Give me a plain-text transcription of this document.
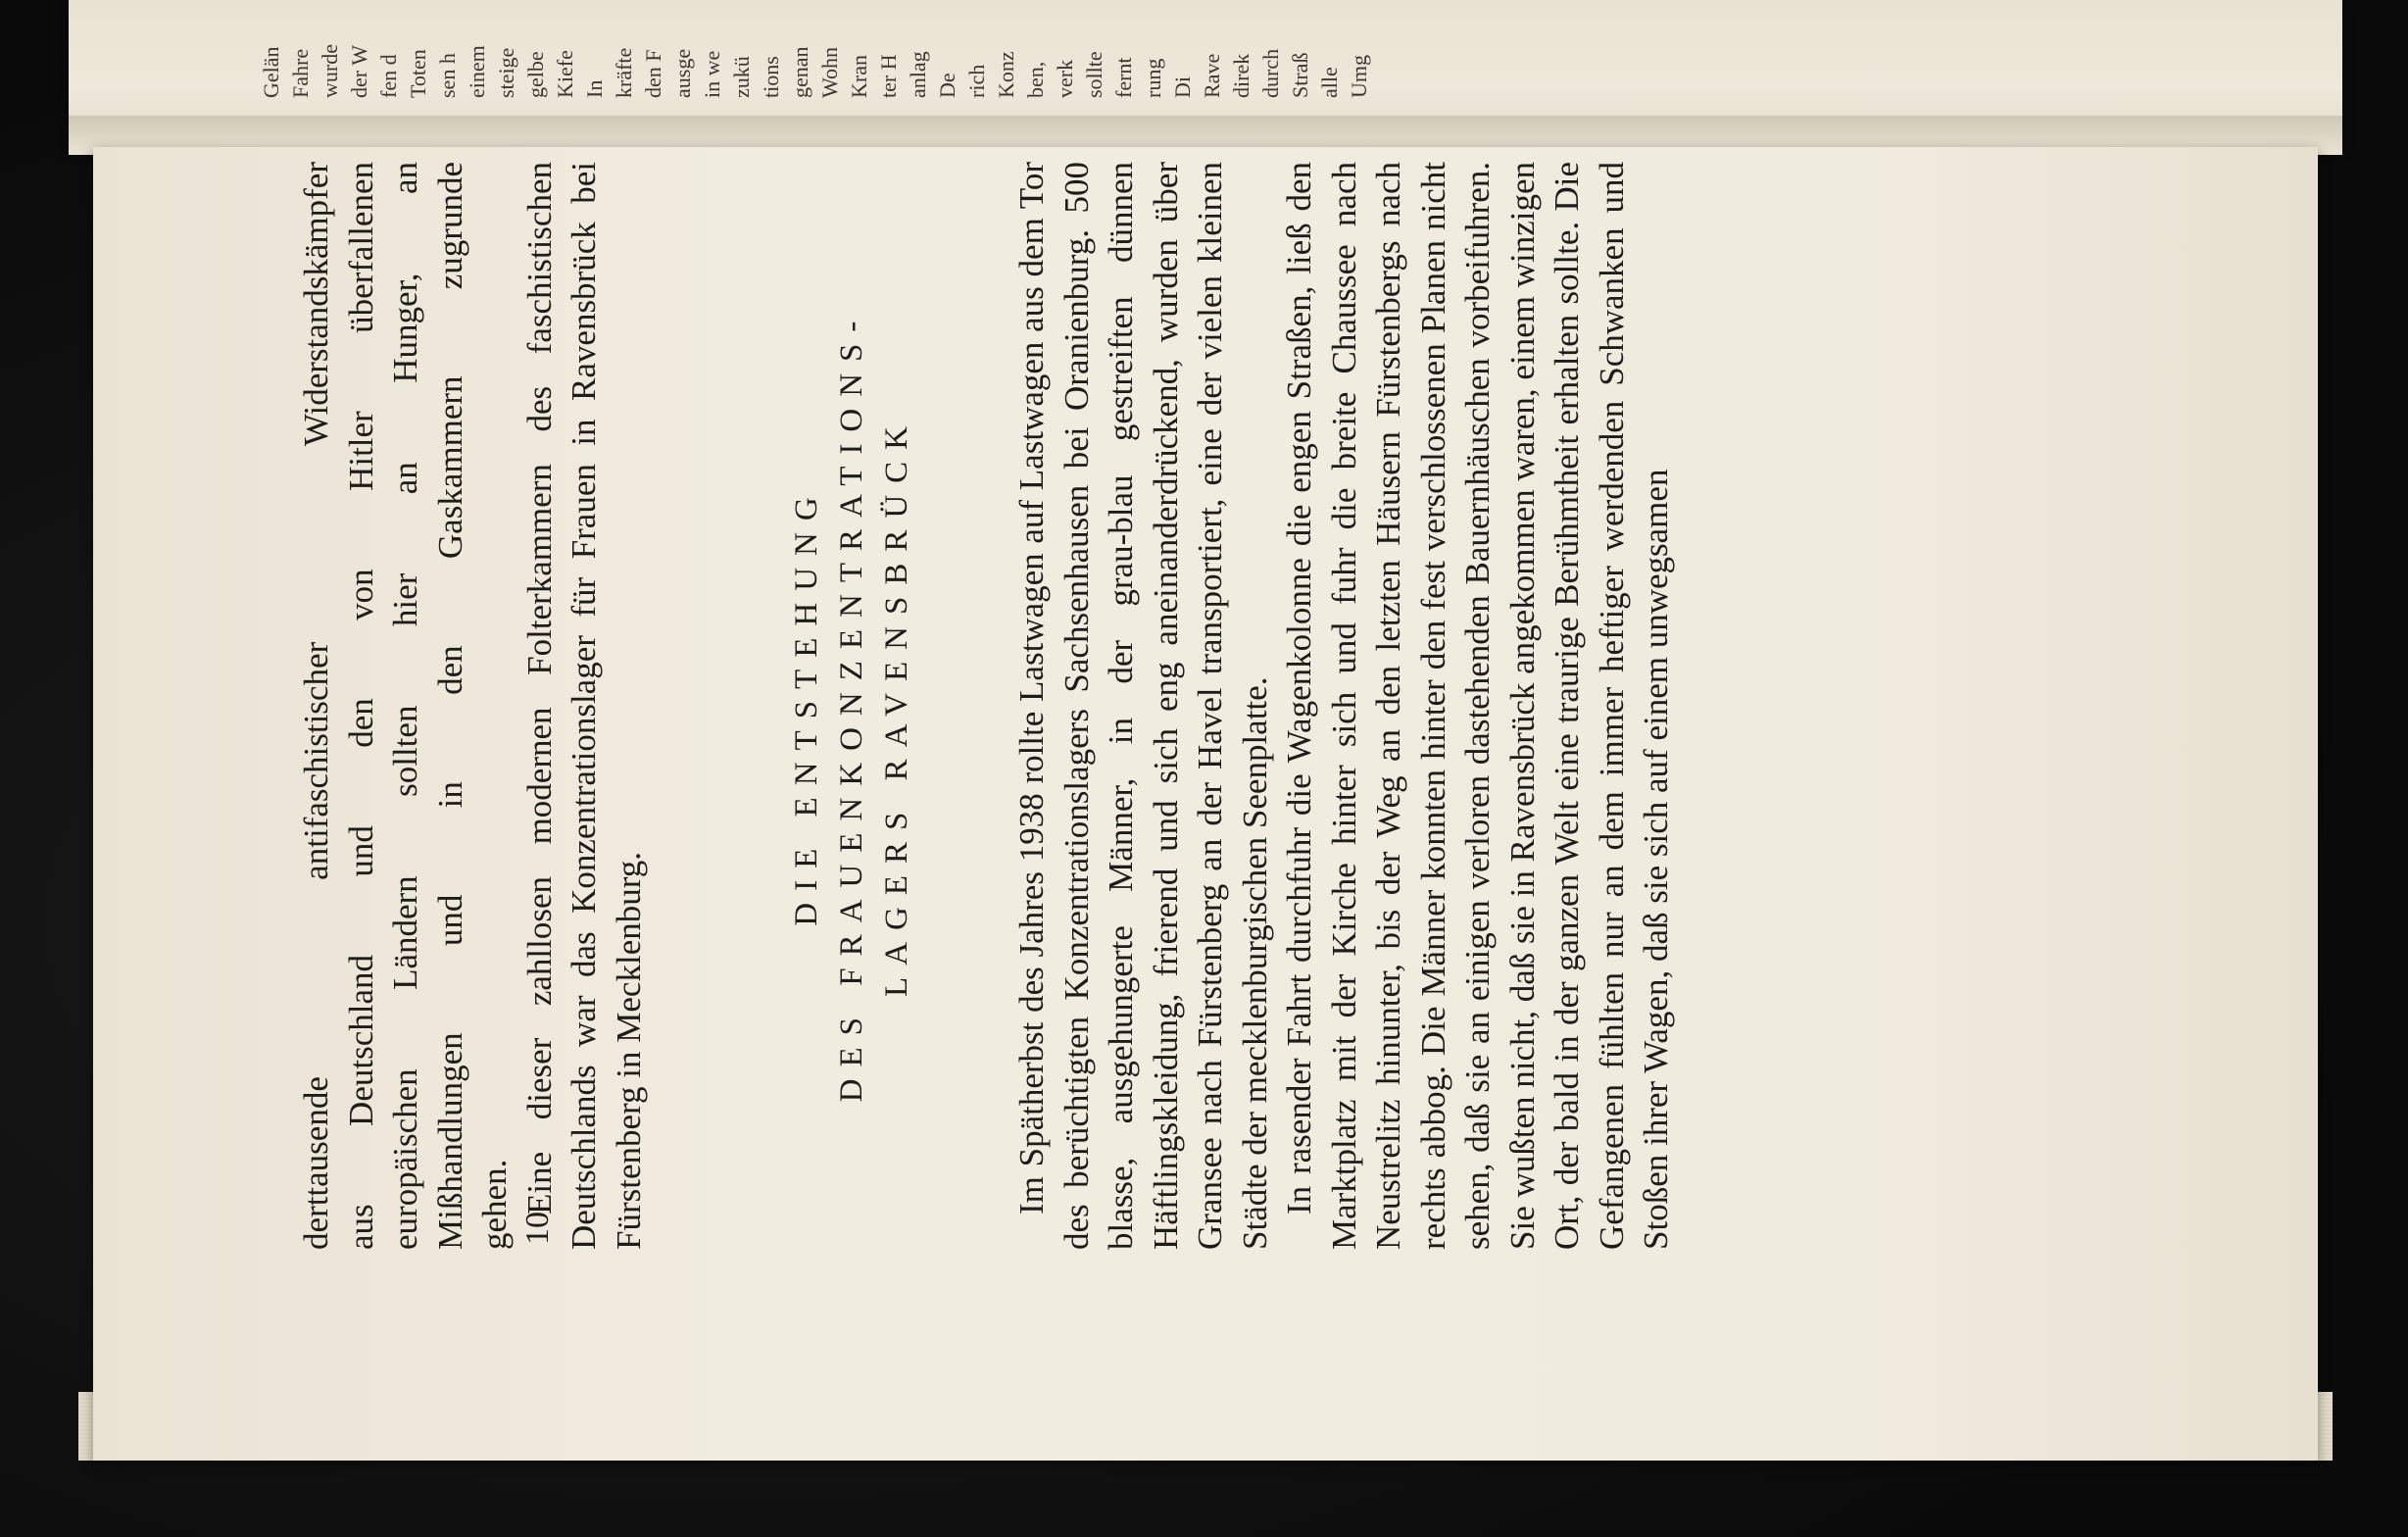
Gelän Fahre wurde der W fen d Toten sen h einem steige gelbe Kiefe In kräfte den F ausge in we zukü tions genan Wohn Kran ter H anlag De rich Konz ben, verk sollte fernt rung Di Rave direk durch Straß alle Umg

derttausende antifaschistischer Widerstandskämpfer aus Deutschland und den von Hitler überfallenen europäischen Ländern sollten hier an Hunger, an Mißhandlungen und in den Gaskammern zugrunde gehen. Eine dieser zahllosen modernen Folterkammern des faschistischen Deutschlands war das Konzentrationslager für Frauen in Ravensbrück bei Fürstenberg in Mecklenburg.

DIE ENTSTEHUNG DES FRAUENKONZENTRATIONS- LAGERS RAVENSBRÜCK	Im Spätherbst des Jahres 1938 rollte Lastwagen auf Lastwagen aus dem Tor des berüchtigten Konzentrationslagers Sachsenhausen bei Oranienburg. 500 blasse, ausgehungerte Männer, in der grau-blau gestreiften dünnen Häftlingskleidung, frierend und sich eng aneinanderdrückend, wurden über Gransee nach Fürstenberg an der Havel transportiert, eine der vielen kleinen Städte der mecklenburgischen Seenplatte. In rasender Fahrt durchfuhr die Wagenkolonne die engen Straßen, ließ den Marktplatz mit der Kirche hinter sich und fuhr die breite Chaussee nach Neustrelitz hinunter, bis der Weg an den letzten Häusern Fürstenbergs nach rechts abbog. Die Männer konnten hinter den fest verschlossenen Planen nicht sehen, daß sie an einigen verloren dastehenden Bauernhäuschen vorbeifuhren. Sie wußten nicht, daß sie in Ravensbrück angekommen waren, einem winzigen Ort, der bald in der ganzen Welt eine traurige Berühmtheit erhalten sollte. Die Gefangenen fühlten nur an dem immer heftiger werdenden Schwanken und Stoßen ihrer Wagen, daß sie sich auf einem unwegsamen

10
